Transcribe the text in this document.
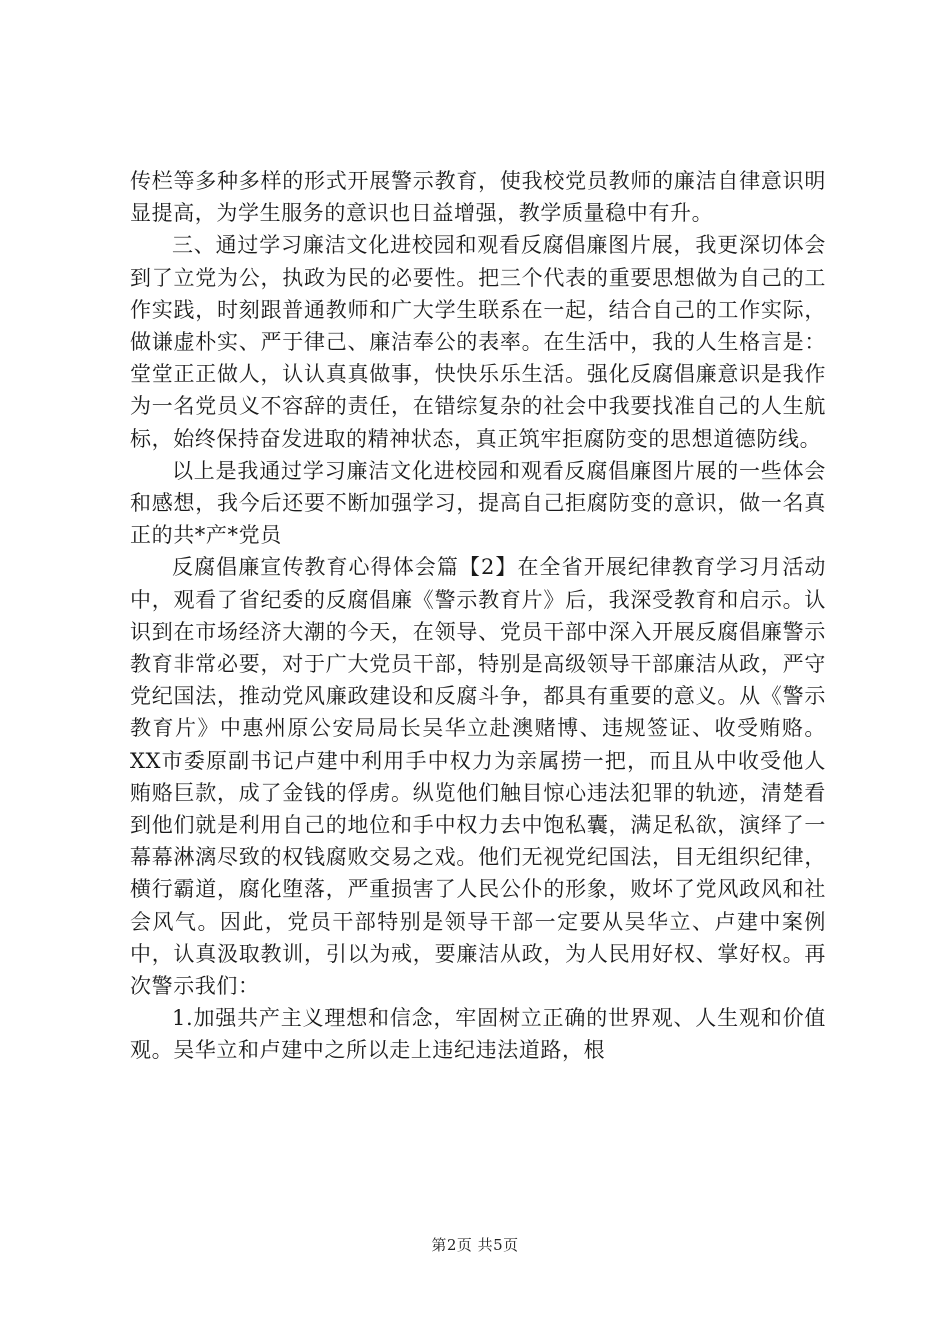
传栏等多种多样的形式开展警示教育，使我校党员教师的廉洁自律意识明显提高，为学生服务的意识也日益增强，教学质量稳中有升。

三、通过学习廉洁文化进校园和观看反腐倡廉图片展，我更深切体会到了立党为公，执政为民的必要性。把三个代表的重要思想做为自己的工作实践，时刻跟普通教师和广大学生联系在一起，结合自己的工作实际，做谦虚朴实、严于律己、廉洁奉公的表率。在生活中，我的人生格言是：堂堂正正做人，认认真真做事，快快乐乐生活。强化反腐倡廉意识是我作为一名党员义不容辞的责任，在错综复杂的社会中我要找准自己的人生航标，始终保持奋发进取的精神状态，真正筑牢拒腐防变的思想道德防线。

以上是我通过学习廉洁文化进校园和观看反腐倡廉图片展的一些体会和感想，我今后还要不断加强学习，提高自己拒腐防变的意识，做一名真正的共*产*党员

反腐倡廉宣传教育心得体会篇【2】在全省开展纪律教育学习月活动中，观看了省纪委的反腐倡廉《警示教育片》后，我深受教育和启示。认识到在市场经济大潮的今天，在领导、党员干部中深入开展反腐倡廉警示教育非常必要，对于广大党员干部，特别是高级领导干部廉洁从政，严守党纪国法，推动党风廉政建设和反腐斗争，都具有重要的意义。从《警示教育片》中惠州原公安局局长吴华立赴澳赌博、违规签证、收受贿赂。XX市委原副书记卢建中利用手中权力为亲属捞一把，而且从中收受他人贿赂巨款，成了金钱的俘虏。纵览他们触目惊心违法犯罪的轨迹，清楚看到他们就是利用自己的地位和手中权力去中饱私囊，满足私欲，演绎了一幕幕淋漓尽致的权钱腐败交易之戏。他们无视党纪国法，目无组织纪律，横行霸道，腐化堕落，严重损害了人民公仆的形象，败坏了党风政风和社会风气。因此，党员干部特别是领导干部一定要从吴华立、卢建中案例中，认真汲取教训，引以为戒，要廉洁从政，为人民用好权、掌好权。再次警示我们：

1.加强共产主义理想和信念，牢固树立正确的世界观、人生观和价值观。吴华立和卢建中之所以走上违纪违法道路，根

第2页 共5页
